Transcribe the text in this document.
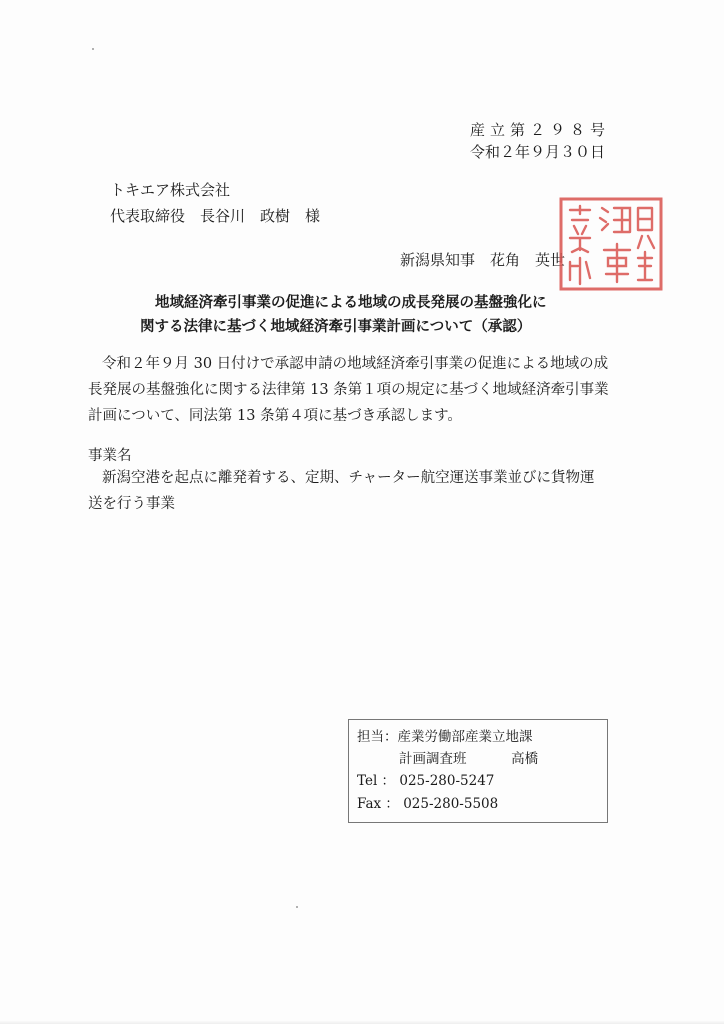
産立第２９８号
令和２年９月３０日
トキエア株式会社
代表取締役　長谷川　政樹　様
新潟県知事　花角　英世
地域経済牽引事業の促進による地域の成長発展の基盤強化に
関する法律に基づく地域経済牽引事業計画について（承認）
令和２年９月 30 日付けで承認申請の地域経済牽引事業の促進による地域の成
長発展の基盤強化に関する法律第 13 条第１項の規定に基づく地域経済牽引事業
計画について、同法第 13 条第４項に基づき承認します。
事業名
新潟空港を起点に離発着する、定期、チャーター航空運送事業並びに貨物運
送を行う事業
担当：産業労働部産業立地課
計画調査班	高橋
Tel ： 025-280-5247
Fax ： 025-280-5508
